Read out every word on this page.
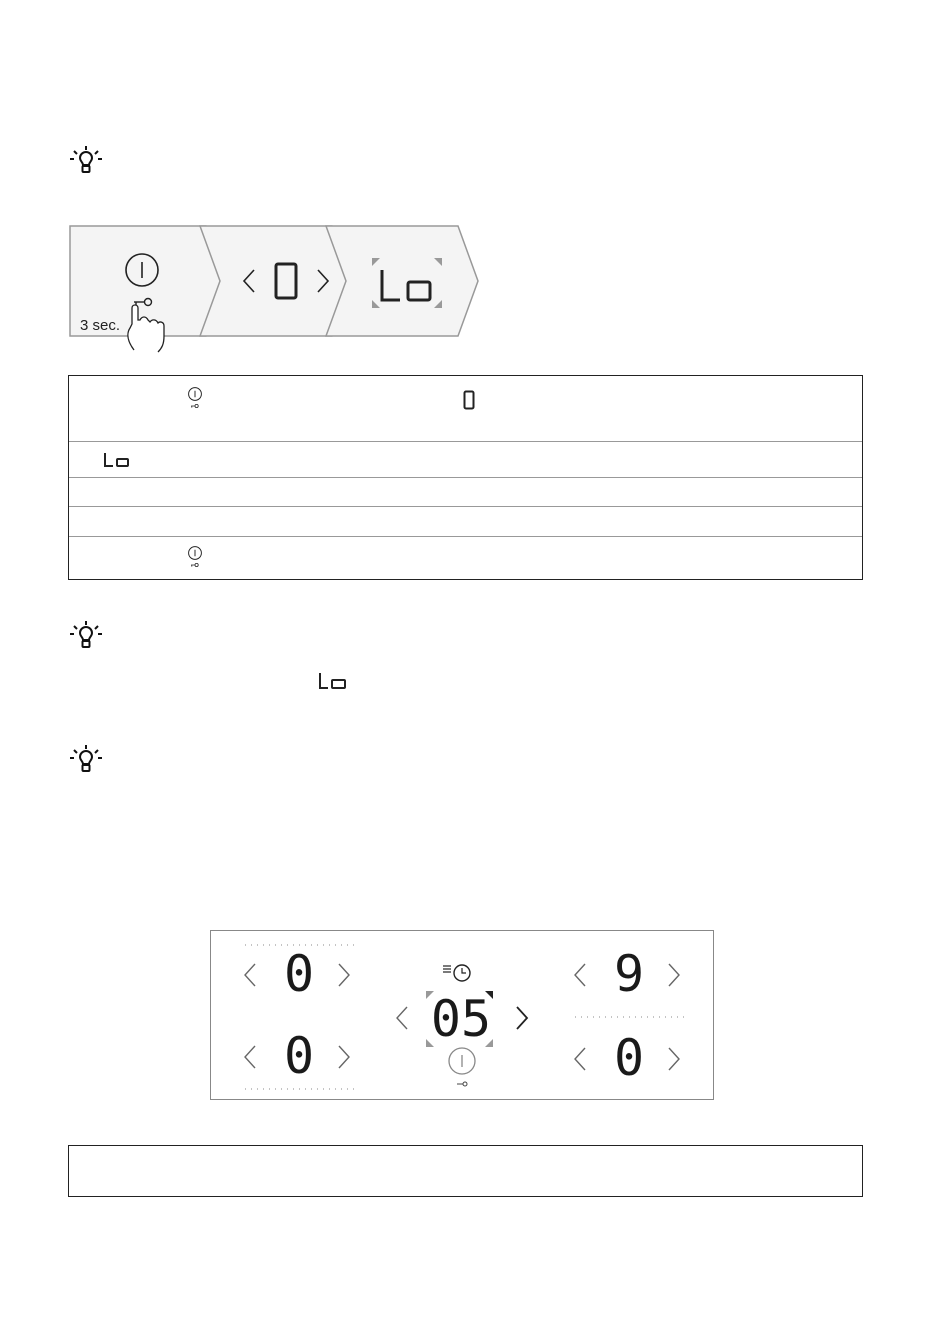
3 sec.
0
0
05
9
0
